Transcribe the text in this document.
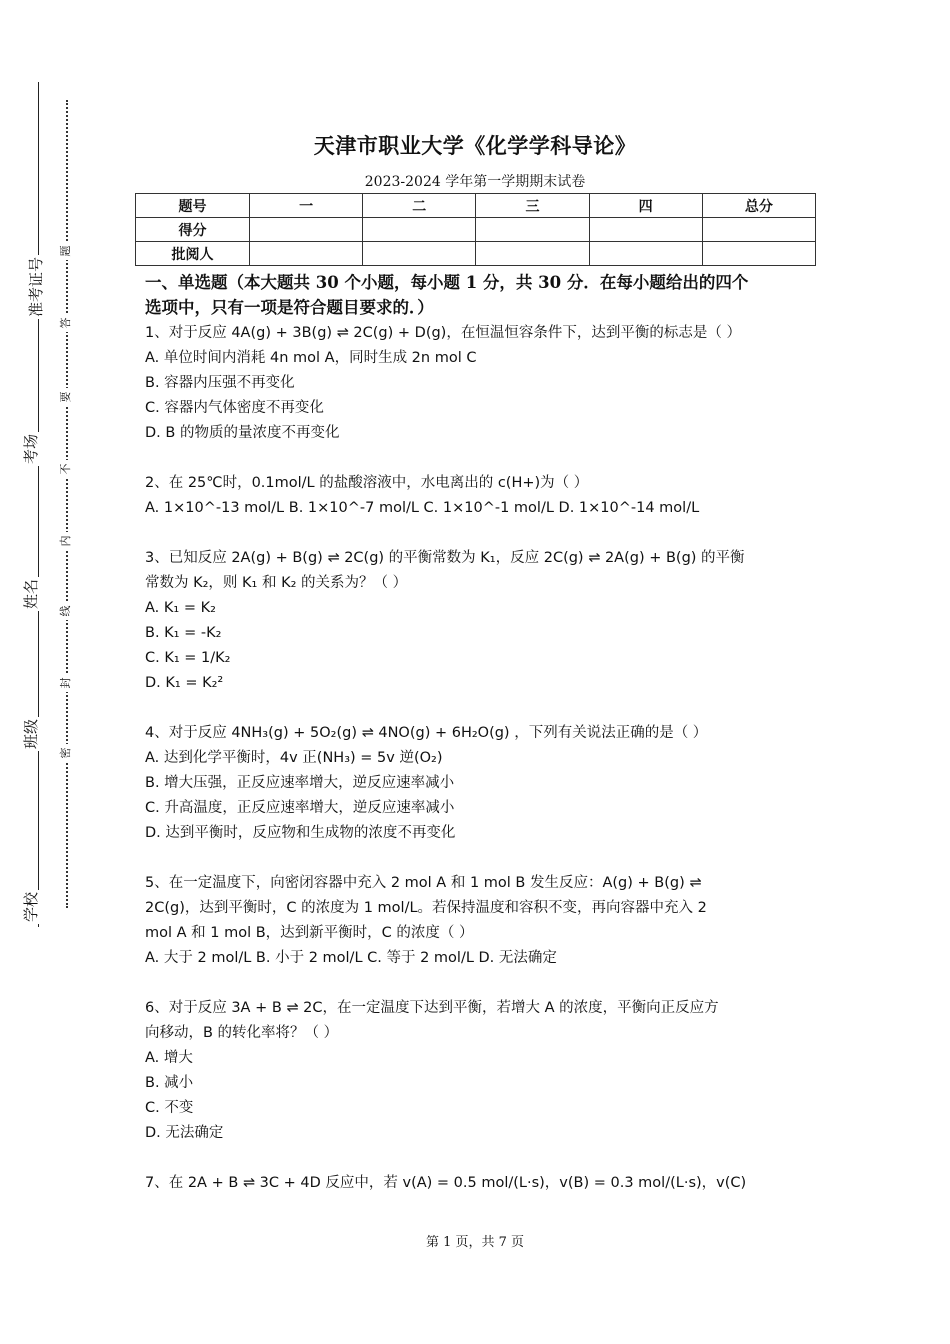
准考证号
考场
姓名
班级
学校
题
答
要
不
内
线
封
密
天津市职业大学《化学学科导论》
2023-2024 学年第一学期期末试卷
题号	一	二	三	四	总分
得分					
批阅人					
一、单选题（本大题共 30 个小题，每小题 1 分，共 30 分．在每小题给出的四个
选项中，只有一项是符合题目要求的．）

1、对于反应 4A(g) + 3B(g) ⇌ 2C(g) + D(g)，在恒温恒容条件下，达到平衡的标志是（ ）

A. 单位时间内消耗 4n mol A，同时生成 2n mol C

B. 容器内压强不再变化

C. 容器内气体密度不再变化

D. B 的物质的量浓度不再变化

2、在 25℃时，0.1mol/L 的盐酸溶液中，水电离出的 c(H+)为（ ）

A. 1×10^-13 mol/L B. 1×10^-7 mol/L C. 1×10^-1 mol/L D. 1×10^-14 mol/L

3、已知反应 2A(g) + B(g) ⇌ 2C(g) 的平衡常数为 K₁，反应 2C(g) ⇌ 2A(g) + B(g) 的平衡

常数为 K₂，则 K₁ 和 K₂ 的关系为？（ ）

A. K₁ = K₂

B. K₁ = -K₂

C. K₁ = 1/K₂

D. K₁ = K₂²

4、对于反应 4NH₃(g) + 5O₂(g) ⇌ 4NO(g) + 6H₂O(g) ，下列有关说法正确的是（ ）

A. 达到化学平衡时，4v 正(NH₃) = 5v 逆(O₂)

B. 增大压强，正反应速率增大，逆反应速率减小

C. 升高温度，正反应速率增大，逆反应速率减小

D. 达到平衡时，反应物和生成物的浓度不再变化

5、在一定温度下，向密闭容器中充入 2 mol A 和 1 mol B 发生反应：A(g) + B(g) ⇌

2C(g)，达到平衡时，C 的浓度为 1 mol/L。若保持温度和容积不变，再向容器中充入 2

mol A 和 1 mol B，达到新平衡时，C 的浓度（ ）

A. 大于 2 mol/L B. 小于 2 mol/L C. 等于 2 mol/L D. 无法确定

6、对于反应 3A + B ⇌ 2C，在一定温度下达到平衡，若增大 A 的浓度，平衡向正反应方

向移动，B 的转化率将？（ ）

A. 增大

B. 减小

C. 不变

D. 无法确定

7、在 2A + B ⇌ 3C + 4D 反应中，若 v(A) = 0.5 mol/(L·s)，v(B) = 0.3 mol/(L·s)，v(C)

第 1 页，共 7 页
